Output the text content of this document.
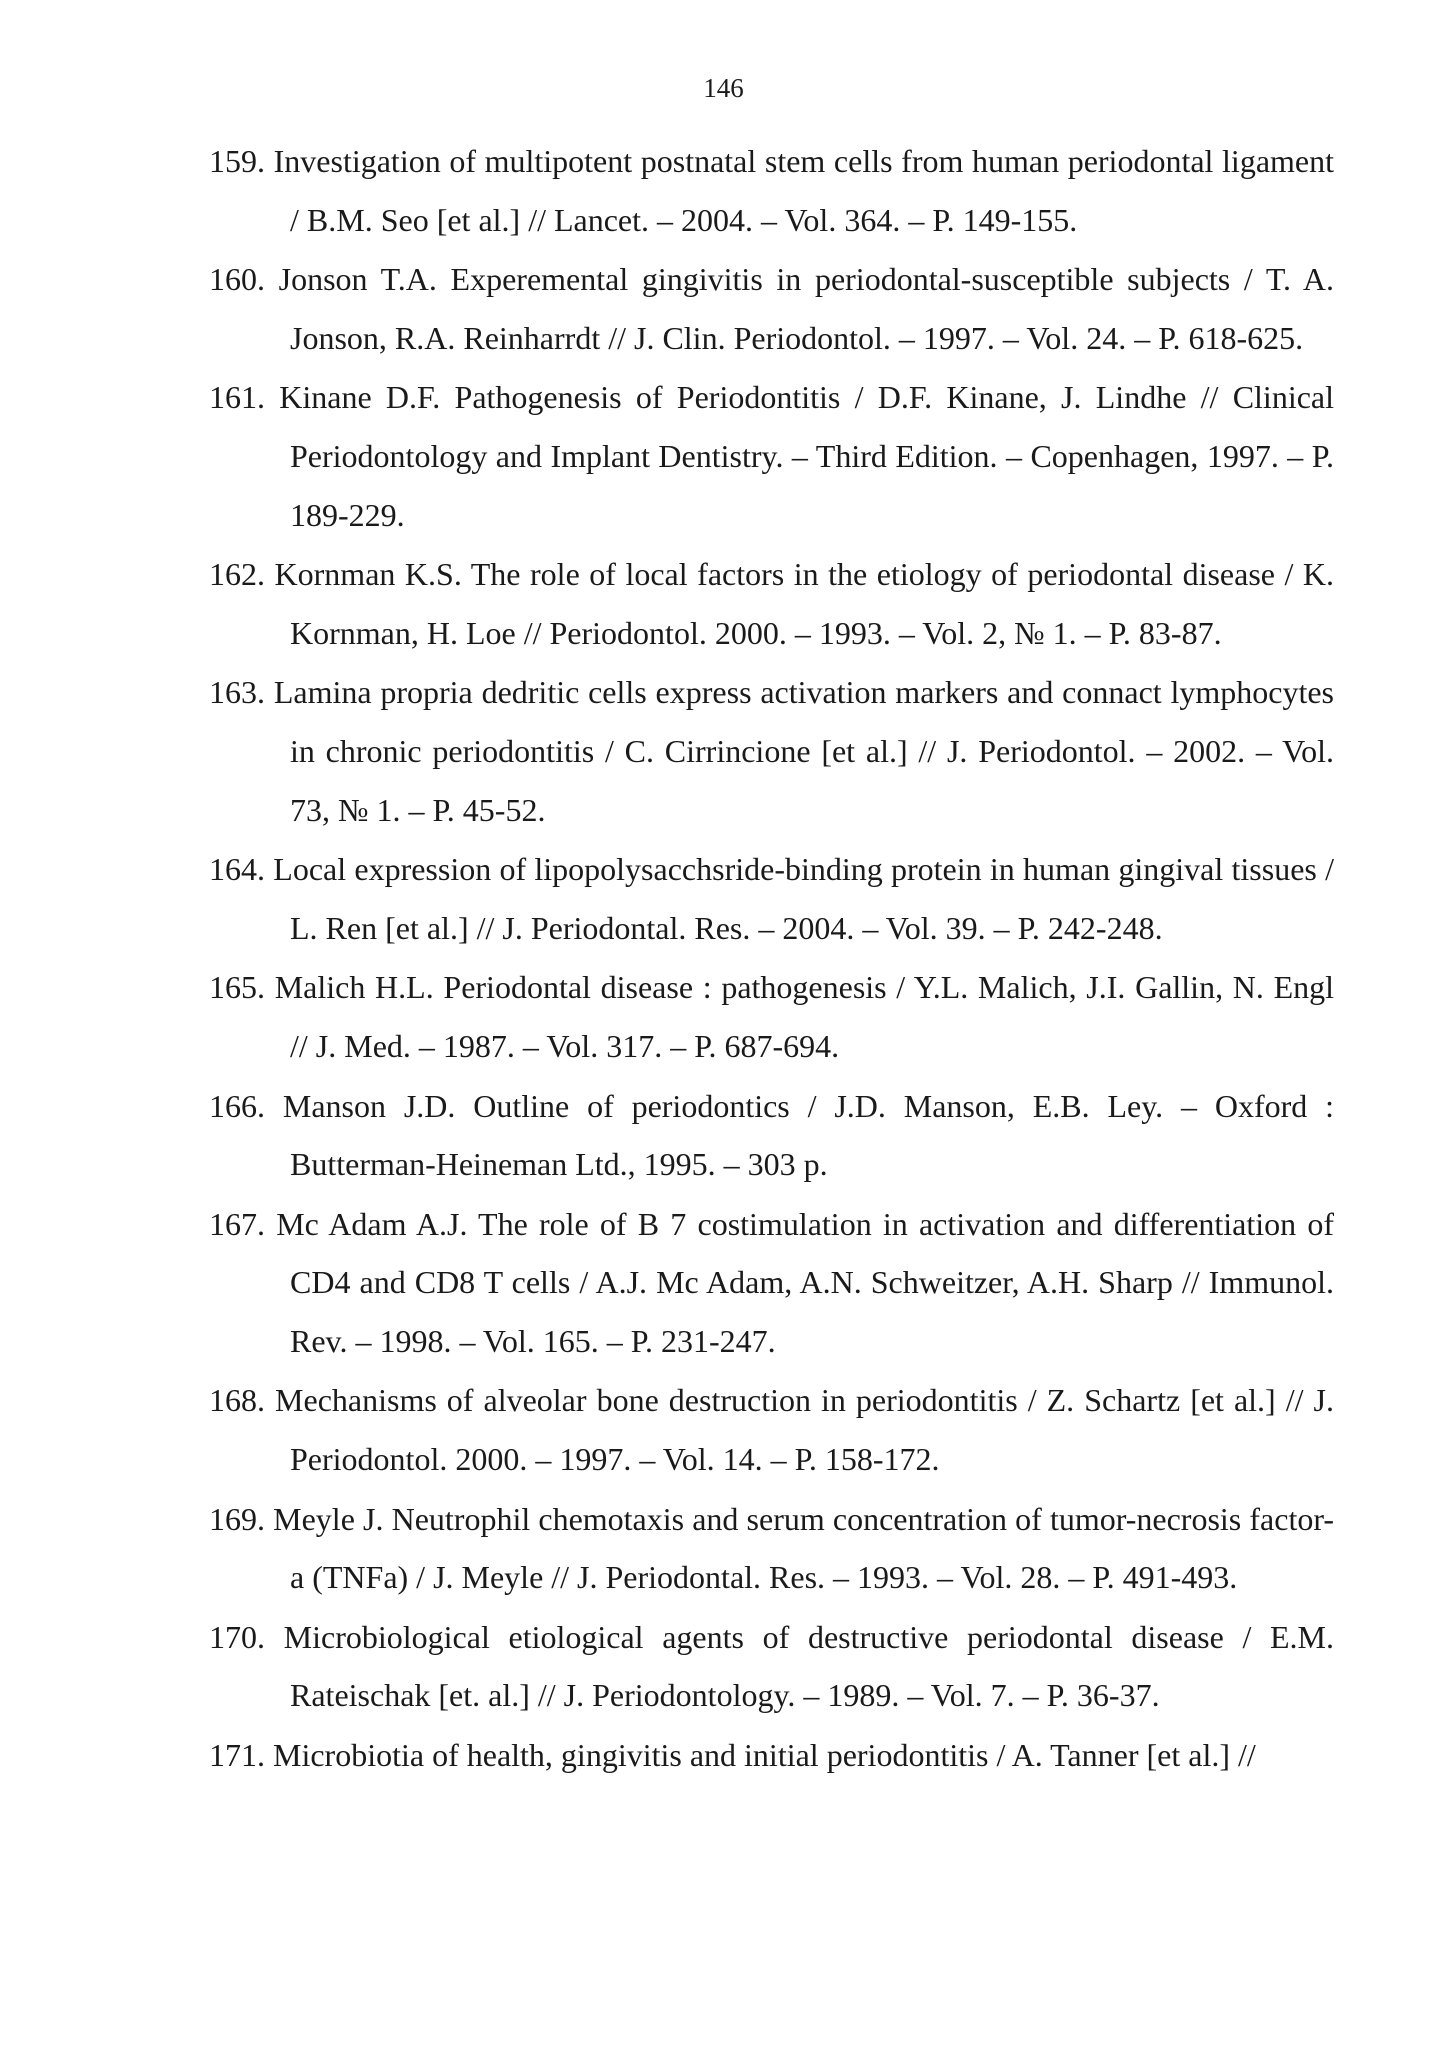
146
159. Investigation of multipotent postnatal stem cells from human periodontal ligament / B.M. Seo [et al.] // Lancet. – 2004. – Vol. 364. – P. 149-155.
160. Jonson T.A. Experemental gingivitis in periodontal-susceptible subjects / T. A. Jonson, R.A. Reinharrdt // J. Clin. Periodontol. – 1997. – Vol. 24. – P. 618-625.
161. Kinane D.F. Pathogenesis of Periodontitis / D.F. Kinane, J. Lindhe // Clinical Periodontology and Implant Dentistry. – Third Edition. – Copenhagen, 1997. – P. 189-229.
162. Kornman K.S. The role of local factors in the etiology of periodontal disease / K. Kornman, H. Loe // Periodontol. 2000. – 1993. – Vol. 2, № 1. – P. 83-87.
163. Lamina propria dedritic cells express activation markers and connact lymphocytes in chronic periodontitis / C. Cirrincione [et al.] // J. Periodontol. – 2002. – Vol. 73, № 1. – P. 45-52.
164. Local expression of lipopolysacchsride-binding protein in human gingival tissues / L. Ren [et al.] // J. Periodontal. Res. – 2004. – Vol. 39. – P. 242-248.
165. Malich H.L. Periodontal disease : pathogenesis / Y.L. Malich, J.I. Gallin, N. Engl // J. Med. – 1987. – Vol. 317. – P. 687-694.
166. Manson J.D. Outline of periodontics / J.D. Manson, E.B. Ley. – Oxford : Butterman-Heineman Ltd., 1995. – 303 p.
167. Mc Adam A.J. The role of B 7 costimulation in activation and differentiation of CD4 and CD8 T cells / A.J. Mc Adam, A.N. Schweitzer, A.H. Sharp // Immunol. Rev. – 1998. – Vol. 165. – P. 231-247.
168. Mechanisms of alveolar bone destruction in periodontitis / Z. Schartz [et al.] // J. Periodontol. 2000. – 1997. – Vol. 14. – P. 158-172.
169. Meyle J. Neutrophil chemotaxis and serum concentration of tumor-necrosis factor-a (TNFa) / J. Meyle // J. Periodontal. Res. – 1993. – Vol. 28. – P. 491-493.
170. Microbiological etiological agents of destructive periodontal disease / E.M. Rateischak [et. al.] // J. Periodontology. – 1989. – Vol. 7. – P. 36-37.
171. Microbiotia of health, gingivitis and initial periodontitis / A. Tanner [et al.] //
